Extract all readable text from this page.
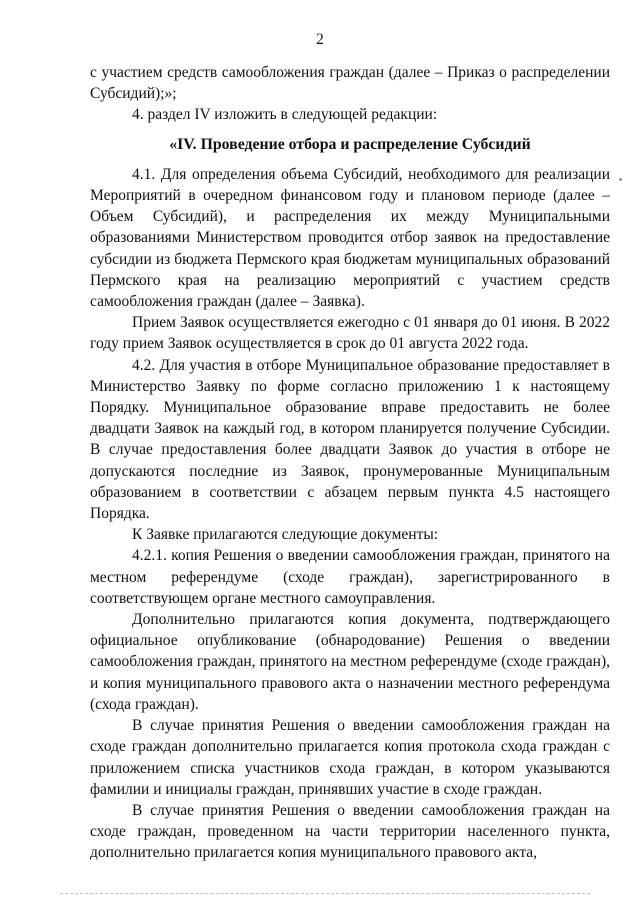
2

с участием средств самообложения граждан (далее – Приказ о распределении Субсидий);»;

4. раздел IV изложить в следующей редакции:

«IV. Проведение отбора и распределение Субсидий

4.1. Для определения объема Субсидий, необходимого для реализации Мероприятий в очередном финансовом году и плановом периоде (далее – Объем Субсидий), и распределения их между Муниципальными образованиями Министерством проводится отбор заявок на предоставление субсидии из бюджета Пермского края бюджетам муниципальных образований Пермского края на реализацию мероприятий с участием средств самообложения граждан (далее – Заявка).

Прием Заявок осуществляется ежегодно с 01 января до 01 июня. В 2022 году прием Заявок осуществляется в срок до 01 августа 2022 года.

4.2. Для участия в отборе Муниципальное образование предоставляет в Министерство Заявку по форме согласно приложению 1 к настоящему Порядку. Муниципальное образование вправе предоставить не более двадцати Заявок на каждый год, в котором планируется получение Субсидии. В случае предоставления более двадцати Заявок до участия в отборе не допускаются последние из Заявок, пронумерованные Муниципальным образованием в соответствии с абзацем первым пункта 4.5 настоящего Порядка.

К Заявке прилагаются следующие документы:

4.2.1. копия Решения о введении самообложения граждан, принятого на местном референдуме (сходе граждан), зарегистрированного в соответствующем органе местного самоуправления.

Дополнительно прилагаются копия документа, подтверждающего официальное опубликование (обнародование) Решения о введении самообложения граждан, принятого на местном референдуме (сходе граждан), и копия муниципального правового акта о назначении местного референдума (схода граждан).

В случае принятия Решения о введении самообложения граждан на сходе граждан дополнительно прилагается копия протокола схода граждан с приложением списка участников схода граждан, в котором указываются фамилии и инициалы граждан, принявших участие в сходе граждан.

В случае принятия Решения о введении самообложения граждан на сходе граждан, проведенном на части территории населенного пункта, дополнительно прилагается копия муниципального правового акта,
